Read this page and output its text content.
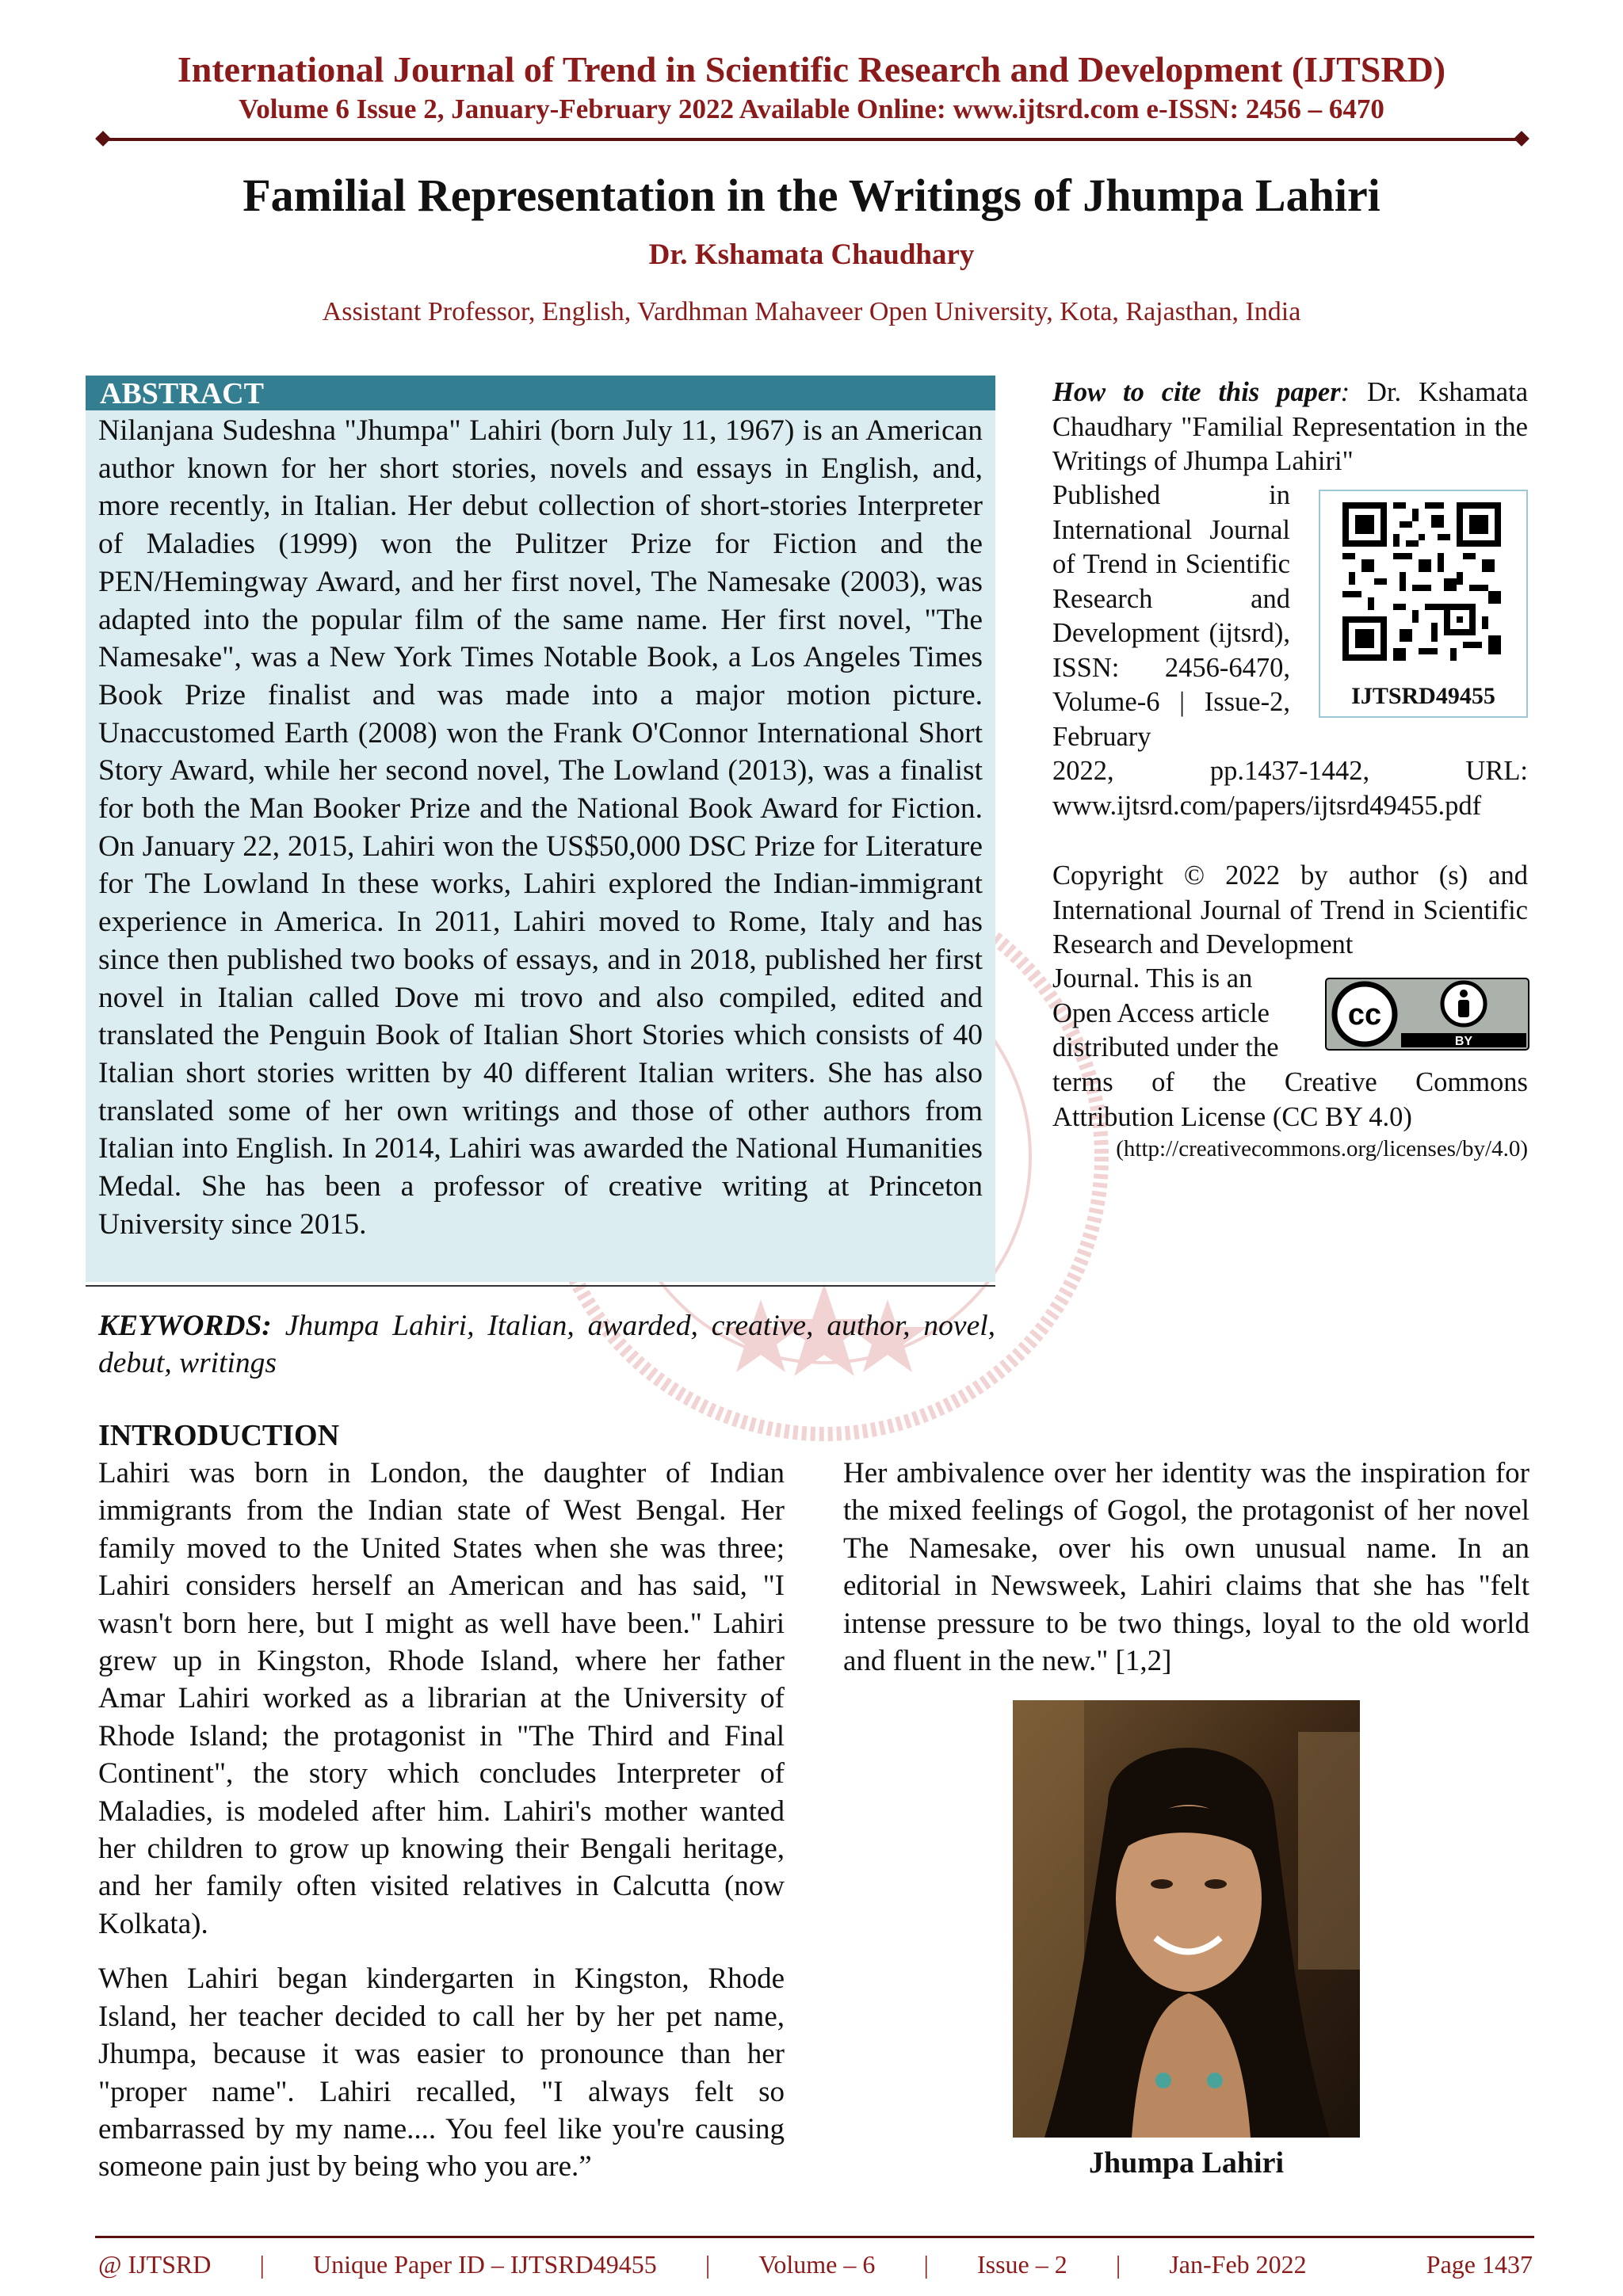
International Journal of Trend in Scientific Research and Development (IJTSRD)
Volume 6 Issue 2, January-February 2022 Available Online: www.ijtsrd.com e-ISSN: 2456 – 6470
Familial Representation in the Writings of Jhumpa Lahiri
Dr. Kshamata Chaudhary
Assistant Professor, English, Vardhman Mahaveer Open University, Kota, Rajasthan, India
ABSTRACT
Nilanjana Sudeshna "Jhumpa" Lahiri (born July 11, 1967) is an American author known for her short stories, novels and essays in English, and, more recently, in Italian. Her debut collection of short-stories Interpreter of Maladies (1999) won the Pulitzer Prize for Fiction and the PEN/Hemingway Award, and her first novel, The Namesake (2003), was adapted into the popular film of the same name. Her first novel, "The Namesake", was a New York Times Notable Book, a Los Angeles Times Book Prize finalist and was made into a major motion picture. Unaccustomed Earth (2008) won the Frank O'Connor International Short Story Award, while her second novel, The Lowland (2013), was a finalist for both the Man Booker Prize and the National Book Award for Fiction. On January 22, 2015, Lahiri won the US$50,000 DSC Prize for Literature for The Lowland In these works, Lahiri explored the Indian-immigrant experience in America. In 2011, Lahiri moved to Rome, Italy and has since then published two books of essays, and in 2018, published her first novel in Italian called Dove mi trovo and also compiled, edited and translated the Penguin Book of Italian Short Stories which consists of 40 Italian short stories written by 40 different Italian writers. She has also translated some of her own writings and those of other authors from Italian into English. In 2014, Lahiri was awarded the National Humanities Medal. She has been a professor of creative writing at Princeton University since 2015.
KEYWORDS: Jhumpa Lahiri, Italian, awarded, creative, author, novel, debut, writings
How to cite this paper: Dr. Kshamata Chaudhary "Familial Representation in the Writings of Jhumpa Lahiri"
Published in International Journal of Trend in Scientific Research and Development (ijtsrd), ISSN: 2456-6470, Volume-6 | Issue-2, February
2022, pp.1437-1442, URL: www.ijtsrd.com/papers/ijtsrd49455.pdf
IJTSRD49455
Copyright © 2022 by author (s) and International Journal of Trend in Scientific Research and Development
Journal. This is an Open Access article distributed under the
terms of the Creative Commons Attribution License (CC BY 4.0)
(http://creativecommons.org/licenses/by/4.0)
cc
BY
INTRODUCTION

Lahiri was born in London, the daughter of Indian immigrants from the Indian state of West Bengal. Her family moved to the United States when she was three; Lahiri considers herself an American and has said, "I wasn't born here, but I might as well have been." Lahiri grew up in Kingston, Rhode Island, where her father Amar Lahiri worked as a librarian at the University of Rhode Island; the protagonist in "The Third and Final Continent", the story which concludes Interpreter of Maladies, is modeled after him. Lahiri's mother wanted her children to grow up knowing their Bengali heritage, and her family often visited relatives in Calcutta (now Kolkata).

When Lahiri began kindergarten in Kingston, Rhode Island, her teacher decided to call her by her pet name, Jhumpa, because it was easier to pronounce than her "proper name". Lahiri recalled, "I always felt so embarrassed by my name.... You feel like you're causing someone pain just by being who you are.”

Her ambivalence over her identity was the inspiration for the mixed feelings of Gogol, the protagonist of her novel The Namesake, over his own unusual name. In an editorial in Newsweek, Lahiri claims that she has "felt intense pressure to be two things, loyal to the old world and fluent in the new." [1,2]
Jhumpa Lahiri
@ IJTSRD | Unique Paper ID – IJTSRD49455 | Volume – 6 | Issue – 2 | Jan-Feb 2022	Page 1437
